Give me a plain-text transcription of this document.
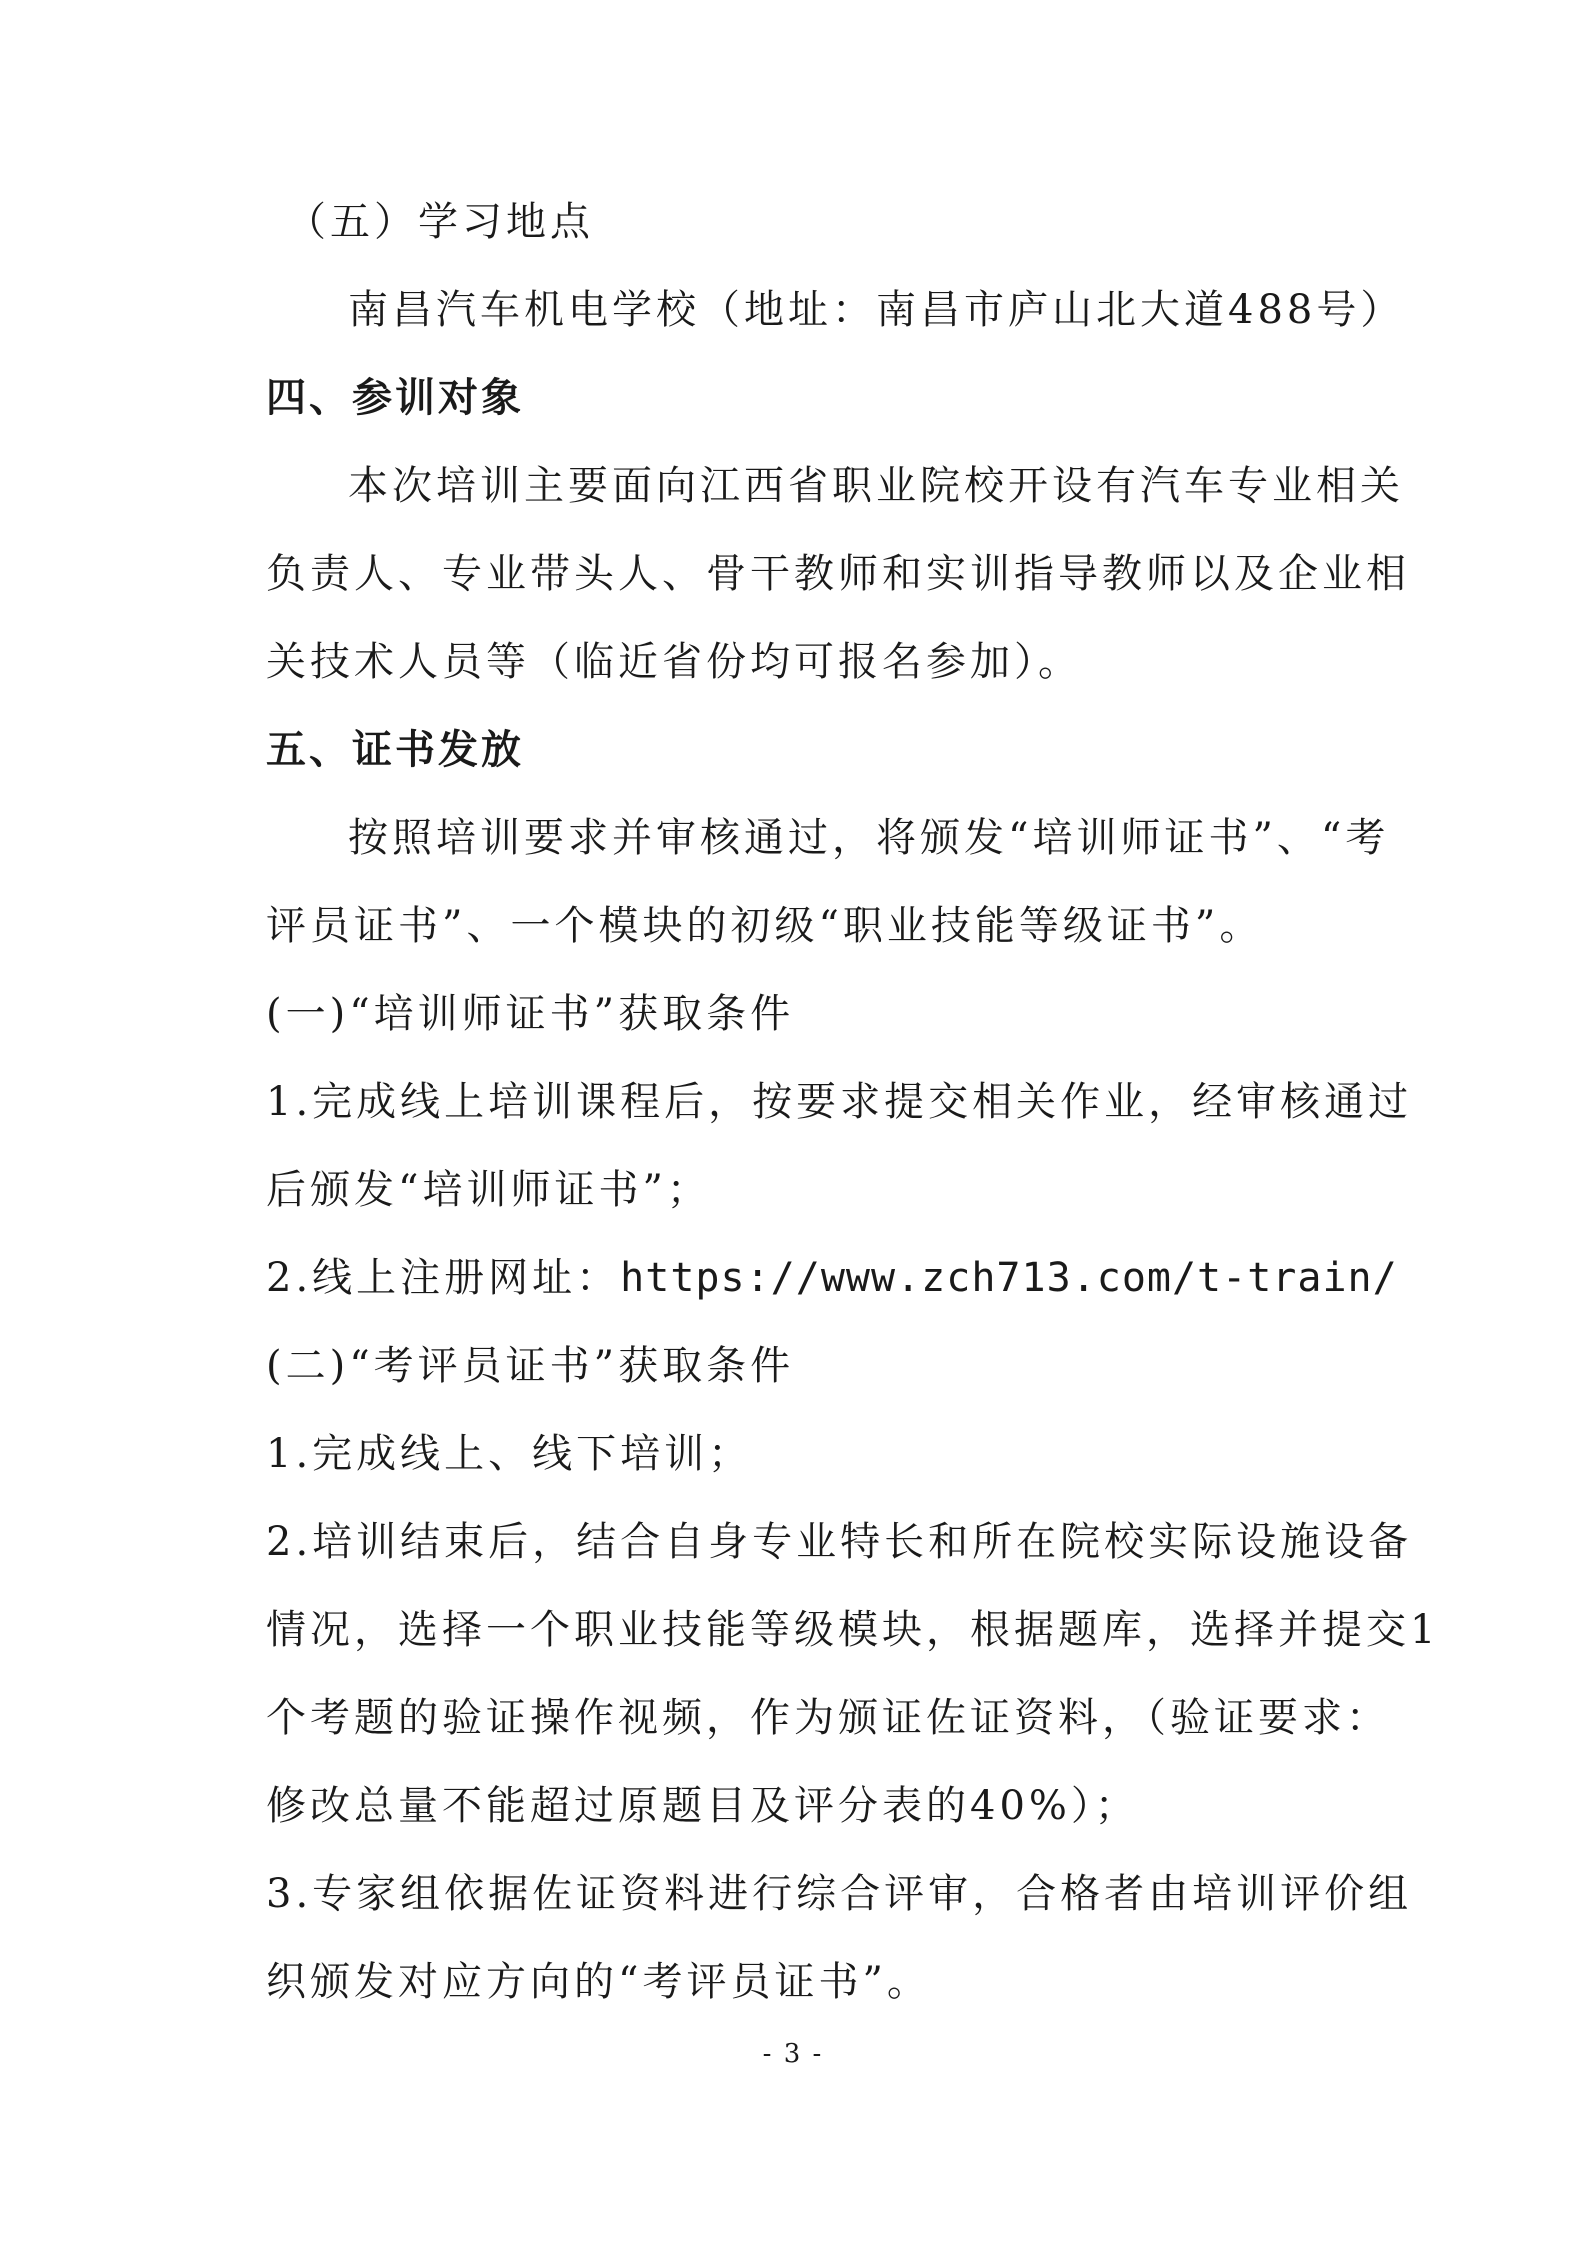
（五）学习地点
南昌汽车机电学校（地址：南昌市庐山北大道488号）
四、参训对象
本次培训主要面向江西省职业院校开设有汽车专业相关
负责人、专业带头人、骨干教师和实训指导教师以及企业相
关技术人员等（临近省份均可报名参加）。
五、证书发放
按照培训要求并审核通过，将颁发“培训师证书”、“考
评员证书”、一个模块的初级“职业技能等级证书”。
(一)“培训师证书”获取条件
1.完成线上培训课程后，按要求提交相关作业，经审核通过
后颁发“培训师证书”；
2.线上注册网址：https://www.zch713.com/t-train/
(二)“考评员证书”获取条件
1.完成线上、线下培训；
2.培训结束后，结合自身专业特长和所在院校实际设施设备
情况，选择一个职业技能等级模块，根据题库，选择并提交1
个考题的验证操作视频，作为颁证佐证资料，（验证要求：
修改总量不能超过原题目及评分表的40%）；
3.专家组依据佐证资料进行综合评审，合格者由培训评价组
织颁发对应方向的“考评员证书”。
- 3 -
